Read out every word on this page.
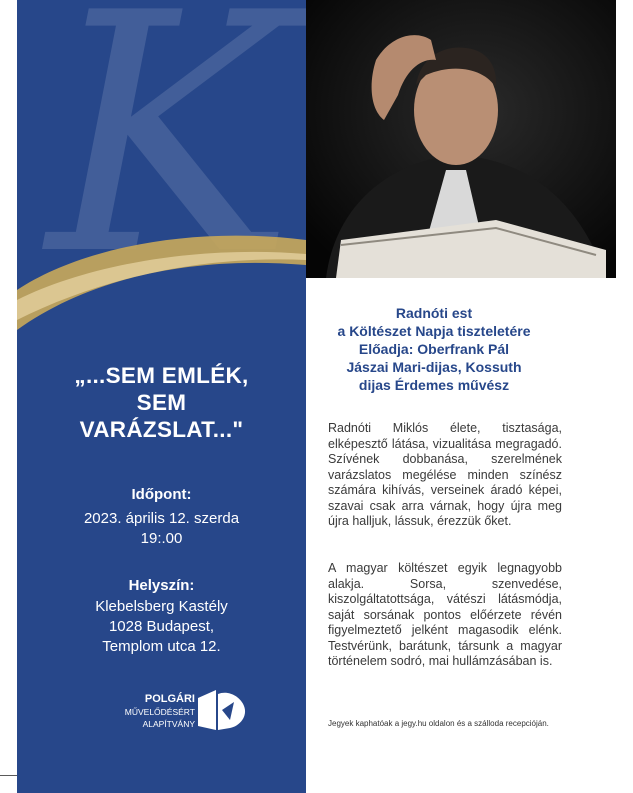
K
„...SEM EMLÉK,
SEM
VARÁZSLAT..."
Időpont:
2023. április 12. szerda
19:.00
Helyszín:
Klebelsberg Kastély
1028 Budapest,
Templom utca 12.
POLGÁRI
MŰVELŐDÉSÉRT
ALAPÍTVÁNY
Radnóti est
a Költészet Napja tiszteletére
Előadja: Oberfrank Pál
Jászai Mari-dijas, Kossuth
dijas Érdemes művész

Radnóti Miklós élete, tisztasága, elképesztő látása, vizualitása megragadó. Szívének dobbanása, szerelmének varázslatos megélése minden színész számára kihívás, verseinek áradó képei, szavai csak arra várnak, hogy újra meg újra halljuk, lássuk, érezzük őket.

A magyar költészet egyik legnagyobb alakja. Sorsa, szenvedése, kiszolgáltatottsága, vátészi látásmódja, saját sorsának pontos előérzete révén figyelmeztető jelként magasodik elénk. Testvérünk, barátunk, társunk a magyar történelem sodró, mai hullámzásában is.

Jegyek kaphatóak a jegy.hu oldalon és a szálloda recepcióján.
